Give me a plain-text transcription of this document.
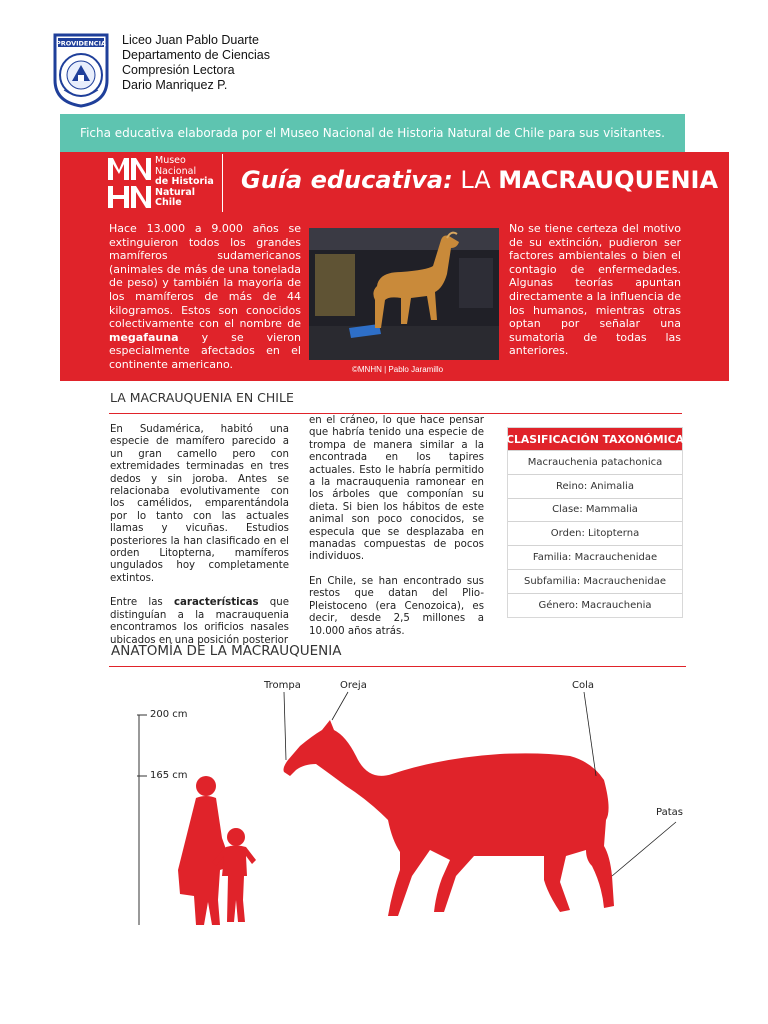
PROVIDENCIA Liceo Juan Pablo Duarte
Departamento de Ciencias
Compresión Lectora
Dario Manriquez P.
Ficha educativa elaborada por el Museo Nacional de Historia Natural de Chile para sus visitantes.
Museo
Nacional
de Historia
Natural
Chile
Guía educativa: LA MACRAUQUENIA
Hace 13.000 a 9.000 años se extinguieron todos los grandes mamíferos sudamericanos (animales de más de una tonelada de peso) y también la mayoría de los mamíferos de más de 44 kilogramos. Estos son conocidos colectivamente con el nombre de megafauna y se vieron especialmente afectados en el continente americano.	©MNHN | Pablo Jaramillo
No se tiene certeza del motivo de su extinción, pudieron ser factores ambientales o bien el contagio de enfermedades. Algunas teorías apuntan directamente a la influencia de los humanos, mientras otras optan por señalar una sumatoria de todas las anteriores.
LA MACRAUQUENIA EN CHILE

En Sudamérica, habitó una especie de mamífero parecido a un gran camello pero con extremidades terminadas en tres dedos y sin joroba. Antes se relacionaba evolutivamente con los camélidos, emparentándola por lo tanto con las actuales llamas y vicuñas. Estudios posteriores la han clasificado en el orden Litopterna, mamíferos ungulados hoy completamente extintos.

Entre las características que distinguían a la macrauquenia encontramos los orificios nasales ubicados en una posición posterior

en el cráneo, lo que hace pensar que habría tenido una especie de trompa de manera similar a la encontrada en los tapires actuales. Esto le habría permitido a la macrauquenia ramonear en los árboles que componían su dieta. Si bien los hábitos de este animal son poco conocidos, se especula que se desplazaba en manadas compuestas de pocos individuos.

En Chile, se han encontrado sus restos que datan del Plio-Pleistoceno (era Cenozoica), es decir, desde 2,5 millones a 10.000 años atrás.

CLASIFICACIÓN TAXONÓMICA
Macrauchenia patachonica
Reino: Animalia
Clase: Mammalia
Orden: Litopterna
Familia: Macrauchenidae
Subfamilia: Macrauchenidae
Género: Macrauchenia
ANATOMÍA DE LA MACRAUQUENIA
200 cm
165 cm
Trompa	Oreja	Cola
Patas
